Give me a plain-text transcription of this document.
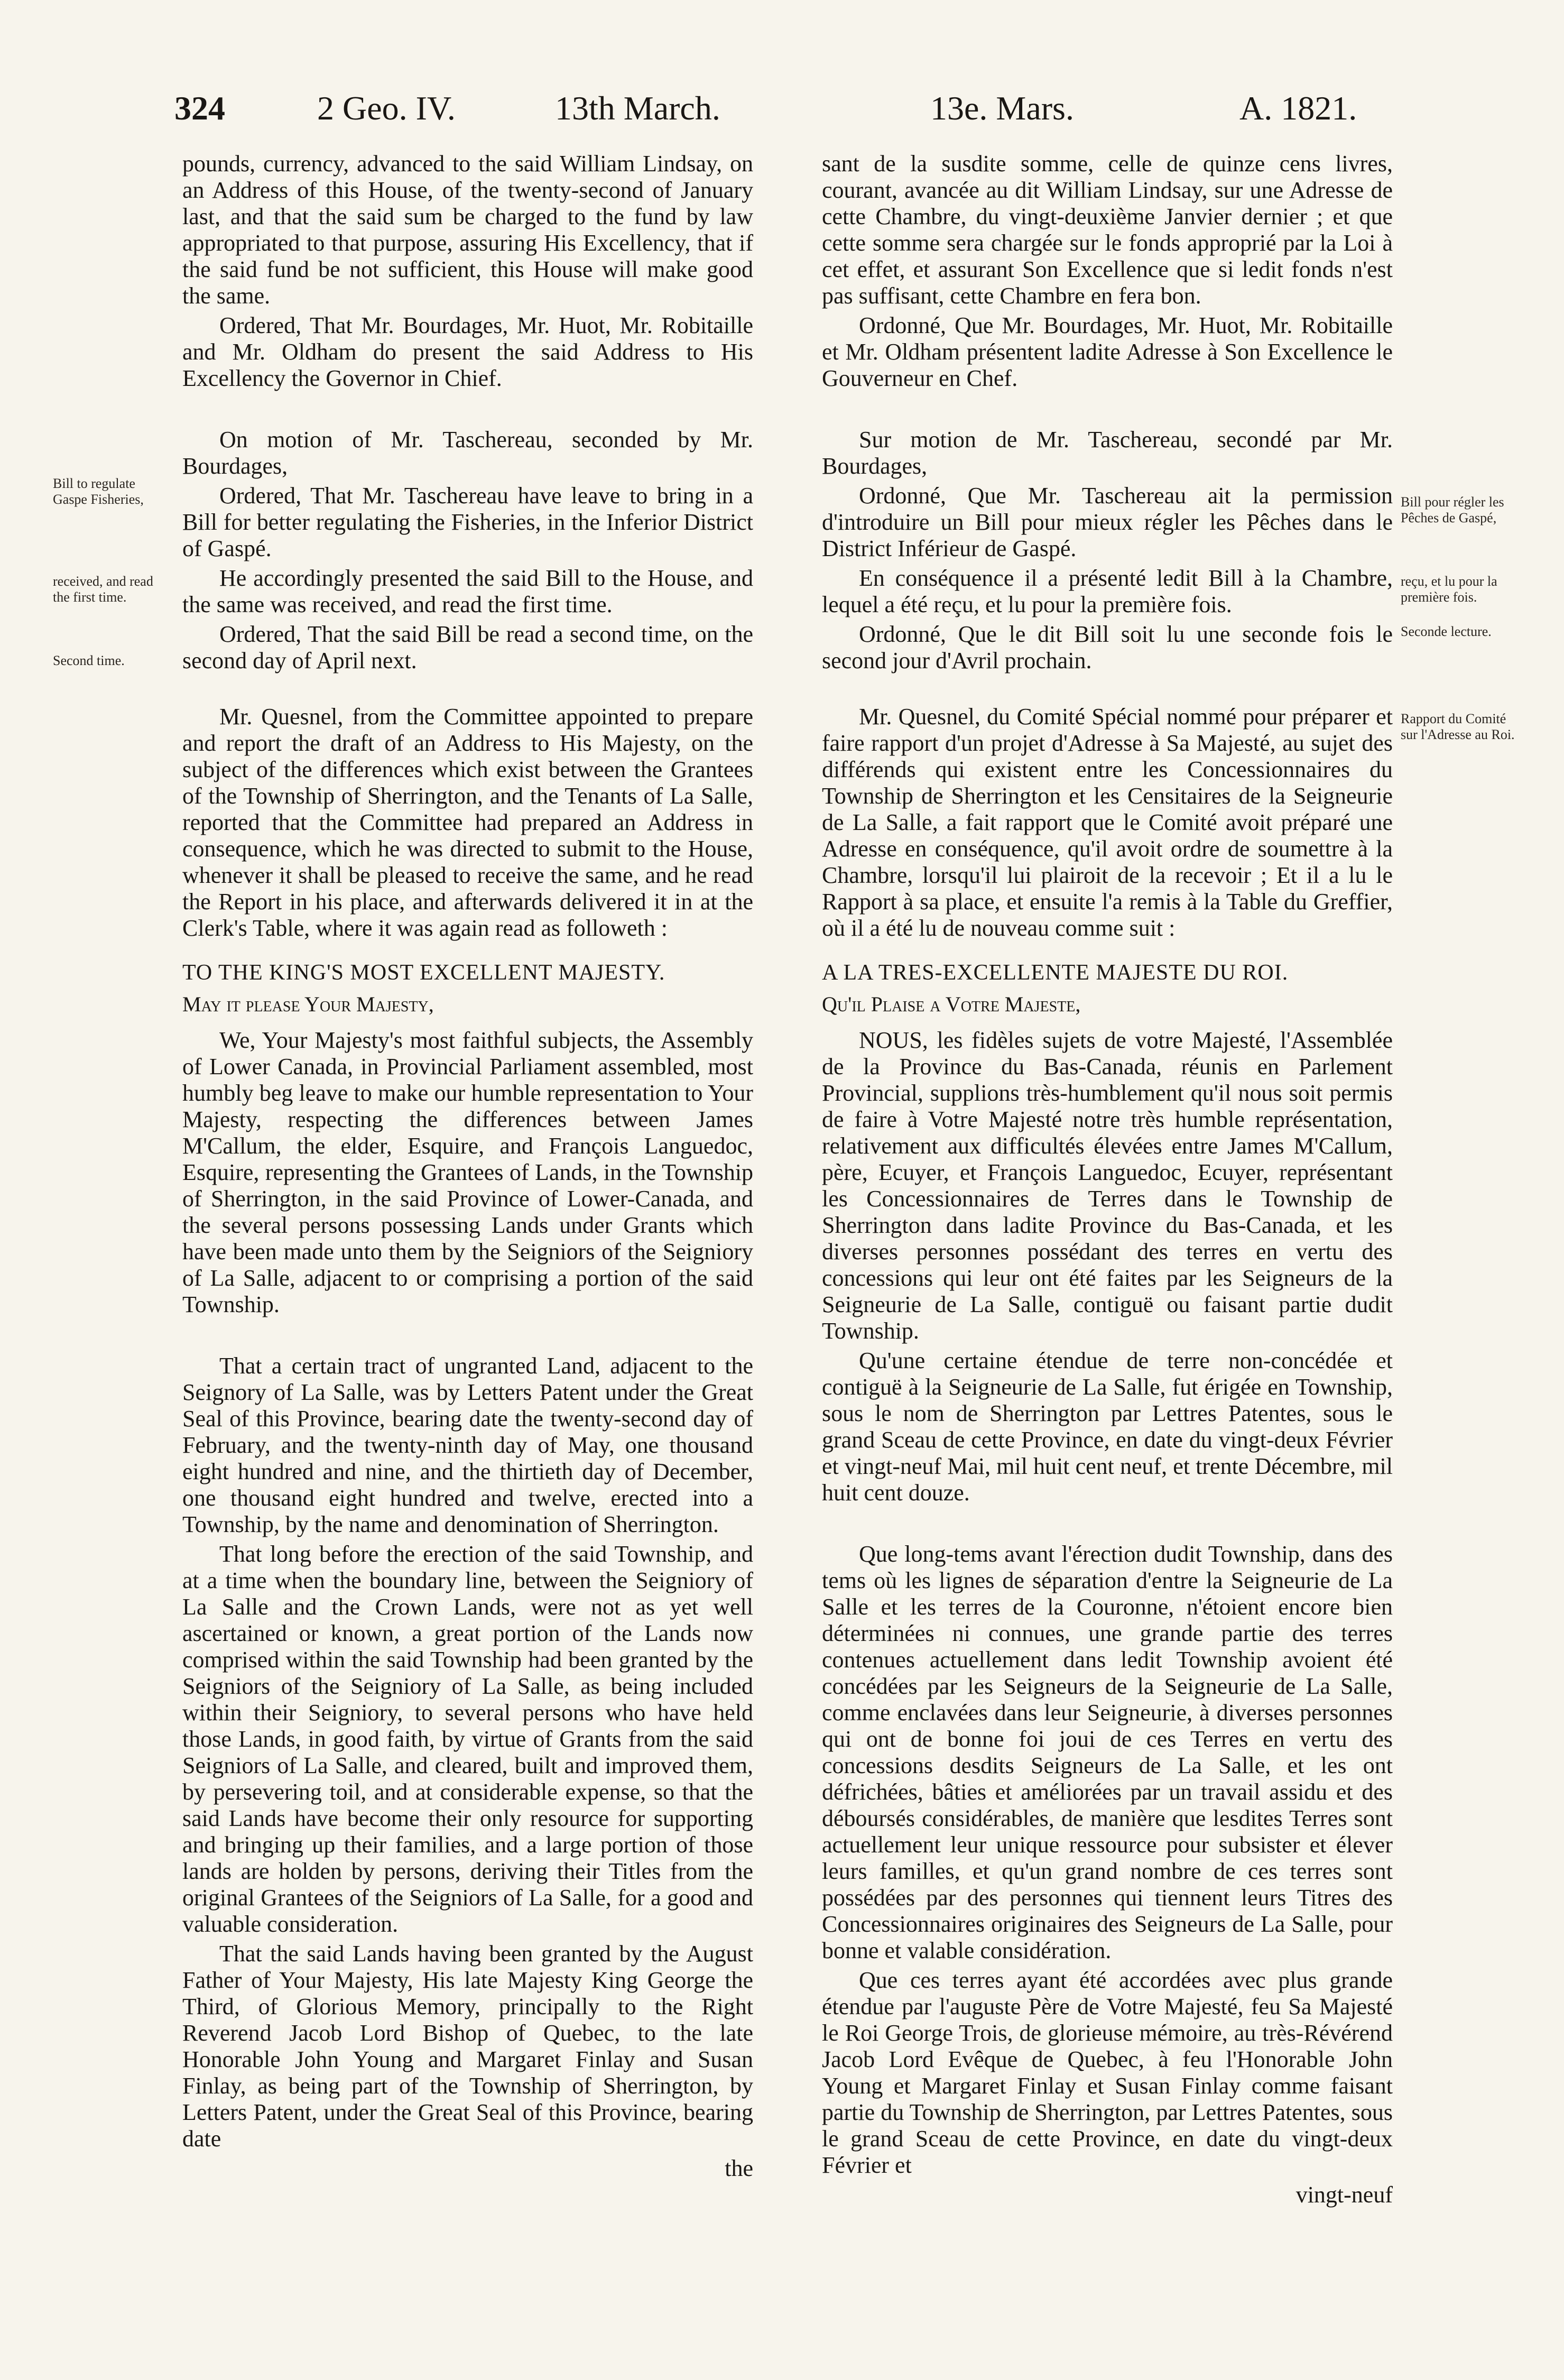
324	2 Geo. IV.	13th March.	13e. Mars.	A. 1821.
Bill to regulate Gaspe Fisheries,
received, and read the first time.
Second time.
Bill pour régler les Pêches de Gaspé,
reçu, et lu pour la première fois.
Seconde lecture.
Rapport du Comité sur l'Adresse au Roi.

pounds, currency, advanced to the said William Lindsay, on an Address of this House, of the twenty-second of January last, and that the said sum be charged to the fund by law appropriated to that purpose, assuring His Excellency, that if the said fund be not sufficient, this House will make good the same.

Ordered, That Mr. Bourdages, Mr. Huot, Mr. Robitaille and Mr. Oldham do present the said Address to His Excellency the Governor in Chief.

On motion of Mr. Taschereau, seconded by Mr. Bourdages,

Ordered, That Mr. Taschereau have leave to bring in a Bill for better regulating the Fisheries, in the Inferior District of Gaspé.

He accordingly presented the said Bill to the House, and the same was received, and read the first time.

Ordered, That the said Bill be read a second time, on the second day of April next.

Mr. Quesnel, from the Committee appointed to prepare and report the draft of an Address to His Majesty, on the subject of the differences which exist between the Grantees of the Township of Sherrington, and the Tenants of La Salle, reported that the Committee had prepared an Address in consequence, which he was directed to submit to the House, whenever it shall be pleased to receive the same, and he read the Report in his place, and afterwards delivered it in at the Clerk's Table, where it was again read as followeth :

TO THE KING'S MOST EXCELLENT MAJESTY.

May it please Your Majesty,

We, Your Majesty's most faithful subjects, the Assembly of Lower Canada, in Provincial Parliament assembled, most humbly beg leave to make our humble representation to Your Majesty, respecting the differences between James M'Callum, the elder, Esquire, and François Languedoc, Esquire, representing the Grantees of Lands, in the Township of Sherrington, in the said Province of Lower-Canada, and the several persons possessing Lands under Grants which have been made unto them by the Seigniors of the Seigniory of La Salle, adjacent to or comprising a portion of the said Township.

That a certain tract of ungranted Land, adjacent to the Seignory of La Salle, was by Letters Patent under the Great Seal of this Province, bearing date the twenty-second day of February, and the twenty-ninth day of May, one thousand eight hundred and nine, and the thirtieth day of December, one thousand eight hundred and twelve, erected into a Township, by the name and denomination of Sherrington.

That long before the erection of the said Township, and at a time when the boundary line, between the Seigniory of La Salle and the Crown Lands, were not as yet well ascertained or known, a great portion of the Lands now comprised within the said Township had been granted by the Seigniors of the Seigniory of La Salle, as being included within their Seigniory, to several persons who have held those Lands, in good faith, by virtue of Grants from the said Seigniors of La Salle, and cleared, built and improved them, by persevering toil, and at considerable expense, so that the said Lands have become their only resource for supporting and bringing up their families, and a large portion of those lands are holden by persons, deriving their Titles from the original Grantees of the Seigniors of La Salle, for a good and valuable consideration.

That the said Lands having been granted by the August Father of Your Majesty, His late Majesty King George the Third, of Glorious Memory, principally to the Right Reverend Jacob Lord Bishop of Quebec, to the late Honorable John Young and Margaret Finlay and Susan Finlay, as being part of the Township of Sherrington, by Letters Patent, under the Great Seal of this Province, bearing date

the

sant de la susdite somme, celle de quinze cens livres, courant, avancée au dit William Lindsay, sur une Adresse de cette Chambre, du vingt-deuxième Janvier dernier ; et que cette somme sera chargée sur le fonds approprié par la Loi à cet effet, et assurant Son Excellence que si ledit fonds n'est pas suffisant, cette Chambre en fera bon.

Ordonné, Que Mr. Bourdages, Mr. Huot, Mr. Robitaille et Mr. Oldham présentent ladite Adresse à Son Excellence le Gouverneur en Chef.

Sur motion de Mr. Taschereau, secondé par Mr. Bourdages,

Ordonné, Que Mr. Taschereau ait la permission d'introduire un Bill pour mieux régler les Pêches dans le District Inférieur de Gaspé.

En conséquence il a présenté ledit Bill à la Chambre, lequel a été reçu, et lu pour la première fois.

Ordonné, Que le dit Bill soit lu une seconde fois le second jour d'Avril prochain.

Mr. Quesnel, du Comité Spécial nommé pour préparer et faire rapport d'un projet d'Adresse à Sa Majesté, au sujet des différends qui existent entre les Concessionnaires du Township de Sherrington et les Censitaires de la Seigneurie de La Salle, a fait rapport que le Comité avoit préparé une Adresse en conséquence, qu'il avoit ordre de soumettre à la Chambre, lorsqu'il lui plairoit de la recevoir ; Et il a lu le Rapport à sa place, et ensuite l'a remis à la Table du Greffier, où il a été lu de nouveau comme suit :

A LA TRES-EXCELLENTE MAJESTE DU ROI.

Qu'il Plaise a Votre Majeste,

NOUS, les fidèles sujets de votre Majesté, l'Assemblée de la Province du Bas-Canada, réunis en Parlement Provincial, supplions très-humblement qu'il nous soit permis de faire à Votre Majesté notre très humble représentation, relativement aux difficultés élevées entre James M'Callum, père, Ecuyer, et François Languedoc, Ecuyer, représentant les Concessionnaires de Terres dans le Township de Sherrington dans ladite Province du Bas-Canada, et les diverses personnes possédant des terres en vertu des concessions qui leur ont été faites par les Seigneurs de la Seigneurie de La Salle, contiguë ou faisant partie dudit Township.

Qu'une certaine étendue de terre non-concédée et contiguë à la Seigneurie de La Salle, fut érigée en Township, sous le nom de Sherrington par Lettres Patentes, sous le grand Sceau de cette Province, en date du vingt-deux Février et vingt-neuf Mai, mil huit cent neuf, et trente Décembre, mil huit cent douze.

Que long-tems avant l'érection dudit Township, dans des tems où les lignes de séparation d'entre la Seigneurie de La Salle et les terres de la Couronne, n'étoient encore bien déterminées ni connues, une grande partie des terres contenues actuellement dans ledit Township avoient été concédées par les Seigneurs de la Seigneurie de La Salle, comme enclavées dans leur Seigneurie, à diverses personnes qui ont de bonne foi joui de ces Terres en vertu des concessions desdits Seigneurs de La Salle, et les ont défrichées, bâties et améliorées par un travail assidu et des déboursés considérables, de manière que lesdites Terres sont actuellement leur unique ressource pour subsister et élever leurs familles, et qu'un grand nombre de ces terres sont possédées par des personnes qui tiennent leurs Titres des Concessionnaires originaires des Seigneurs de La Salle, pour bonne et valable considération.

Que ces terres ayant été accordées avec plus grande étendue par l'auguste Père de Votre Majesté, feu Sa Majesté le Roi George Trois, de glorieuse mémoire, au très-Révérend Jacob Lord Evêque de Quebec, à feu l'Honorable John Young et Margaret Finlay et Susan Finlay comme faisant partie du Township de Sherrington, par Lettres Patentes, sous le grand Sceau de cette Province, en date du vingt-deux Février et

vingt-neuf
